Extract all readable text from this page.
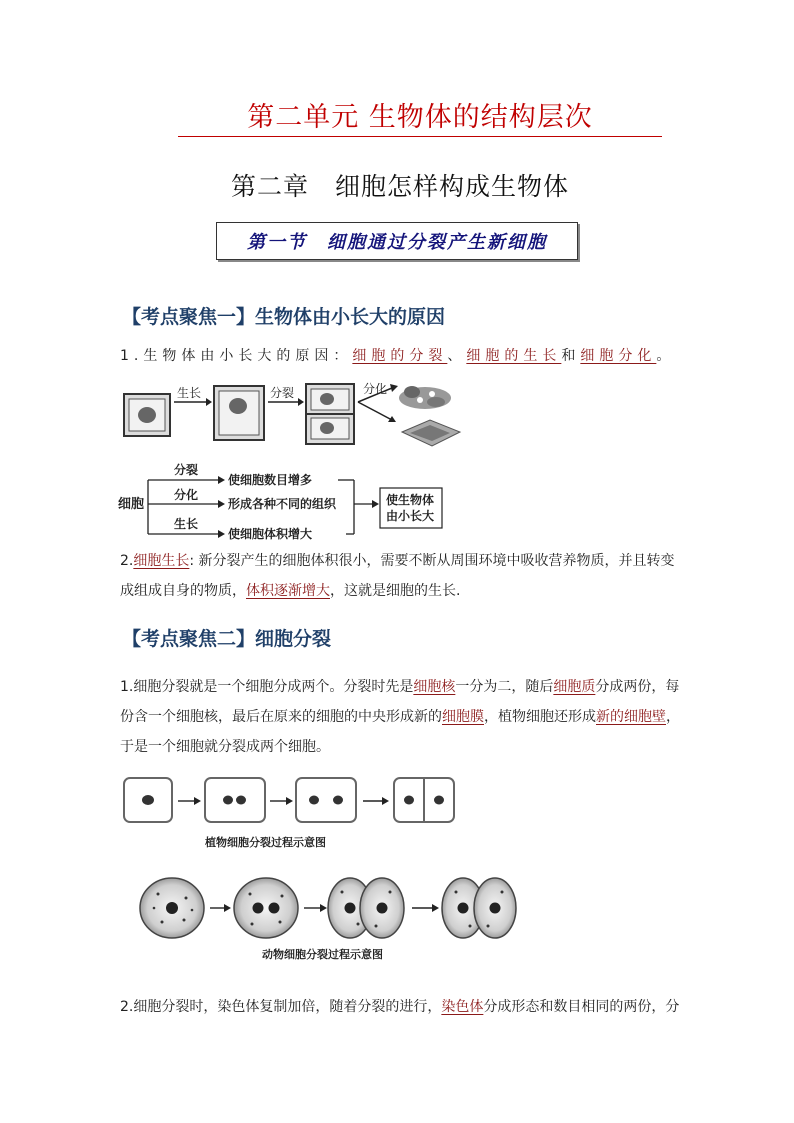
第二单元 生物体的结构层次
第二章　细胞怎样构成生物体
第一节　细胞通过分裂产生新细胞
【考点聚焦一】生物体由小长大的原因
1.生物体由小长大的原因：细胞的分裂、细胞的生长和细胞分化。
生长	分裂	分化
细胞
分裂
分化
生长
使细胞数目增多
形成各种不同的组织
使细胞体积增大
使生物体
由小长大
2.细胞生长: 新分裂产生的细胞体积很小，需要不断从周围环境中吸收营养物质，并且转变
成组成自身的物质，体积逐渐增大，这就是细胞的生长.
【考点聚焦二】细胞分裂
1.细胞分裂就是一个细胞分成两个。分裂时先是细胞核一分为二，随后细胞质分成两份，每
份含一个细胞核，最后在原来的细胞的中央形成新的细胞膜，植物细胞还形成新的细胞壁，
于是一个细胞就分裂成两个细胞。
植物细胞分裂过程示意图
动物细胞分裂过程示意图
2.细胞分裂时，染色体复制加倍，随着分裂的进行，染色体分成形态和数目相同的两份，分
